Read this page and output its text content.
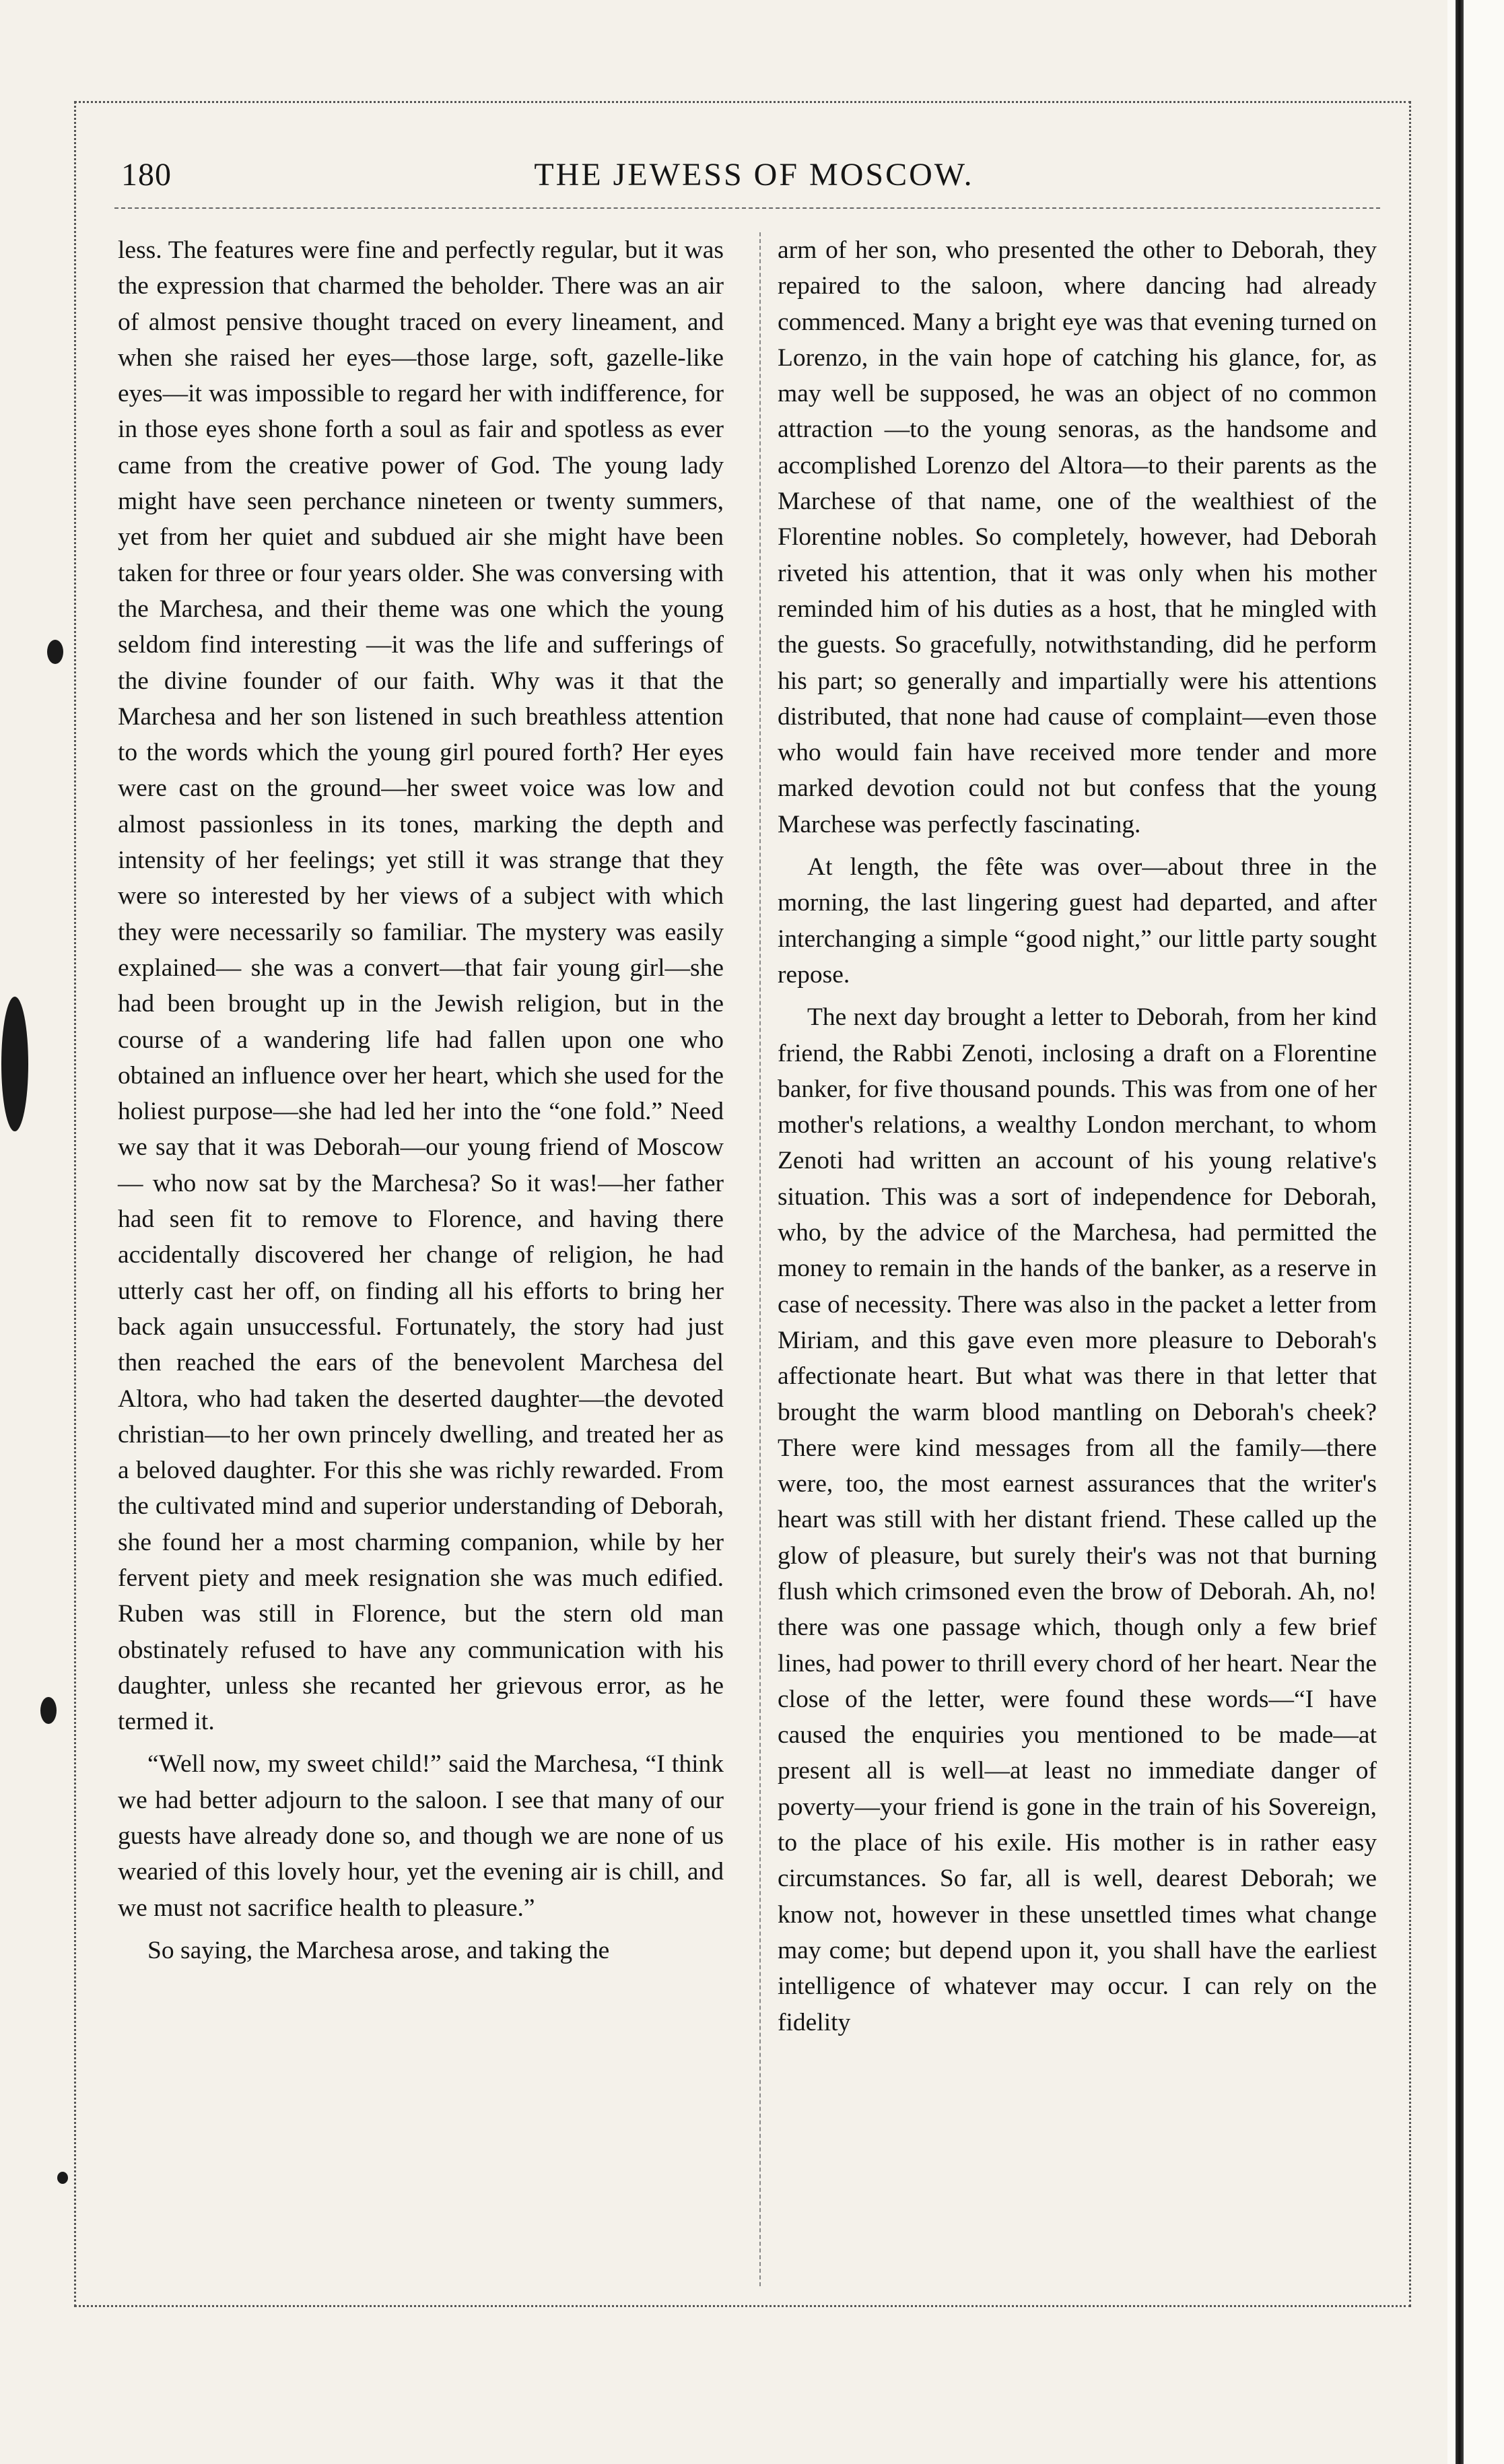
180	THE JEWESS OF MOSCOW.

less. The features were fine and perfectly regular, but it was the expression that charmed the beholder. There was an air of almost pensive thought traced on every lineament, and when she raised her eyes—those large, soft, gazelle-like eyes—it was impossible to regard her with indifference, for in those eyes shone forth a soul as fair and spotless as ever came from the creative power of God. The young lady might have seen perchance nineteen or twenty summers, yet from her quiet and subdued air she might have been taken for three or four years older. She was conversing with the Marchesa, and their theme was one which the young seldom find interesting —it was the life and sufferings of the divine founder of our faith. Why was it that the Marchesa and her son listened in such breathless attention to the words which the young girl poured forth? Her eyes were cast on the ground—her sweet voice was low and almost passionless in its tones, marking the depth and intensity of her feelings; yet still it was strange that they were so interested by her views of a subject with which they were necessarily so familiar. The mystery was easily explained— she was a convert—that fair young girl—she had been brought up in the Jewish religion, but in the course of a wandering life had fallen upon one who obtained an influence over her heart, which she used for the holiest purpose—she had led her into the “one fold.” Need we say that it was Deborah—our young friend of Moscow— who now sat by the Marchesa? So it was!—her father had seen fit to remove to Florence, and having there accidentally discovered her change of religion, he had utterly cast her off, on finding all his efforts to bring her back again unsuccessful. Fortunately, the story had just then reached the ears of the benevolent Marchesa del Altora, who had taken the deserted daughter—the devoted christian—to her own princely dwelling, and treated her as a beloved daughter. For this she was richly rewarded. From the cultivated mind and superior understanding of Deborah, she found her a most charming companion, while by her fervent piety and meek resignation she was much edified. Ruben was still in Florence, but the stern old man obstinately refused to have any communication with his daughter, unless she recanted her grievous error, as he termed it.

“Well now, my sweet child!” said the Marchesa, “I think we had better adjourn to the saloon. I see that many of our guests have already done so, and though we are none of us wearied of this lovely hour, yet the evening air is chill, and we must not sacrifice health to pleasure.”

So saying, the Marchesa arose, and taking the

arm of her son, who presented the other to Deborah, they repaired to the saloon, where dancing had already commenced. Many a bright eye was that evening turned on Lorenzo, in the vain hope of catching his glance, for, as may well be supposed, he was an object of no common attraction —to the young senoras, as the handsome and accomplished Lorenzo del Altora—to their parents as the Marchese of that name, one of the wealthiest of the Florentine nobles. So completely, however, had Deborah riveted his attention, that it was only when his mother reminded him of his duties as a host, that he mingled with the guests. So gracefully, notwithstanding, did he perform his part; so generally and impartially were his attentions distributed, that none had cause of complaint—even those who would fain have received more tender and more marked devotion could not but confess that the young Marchese was perfectly fascinating.

At length, the fête was over—about three in the morning, the last lingering guest had departed, and after interchanging a simple “good night,” our little party sought repose.

The next day brought a letter to Deborah, from her kind friend, the Rabbi Zenoti, inclosing a draft on a Florentine banker, for five thousand pounds. This was from one of her mother's relations, a wealthy London merchant, to whom Zenoti had written an account of his young relative's situation. This was a sort of independence for Deborah, who, by the advice of the Marchesa, had permitted the money to remain in the hands of the banker, as a reserve in case of necessity. There was also in the packet a letter from Miriam, and this gave even more pleasure to Deborah's affectionate heart. But what was there in that letter that brought the warm blood mantling on Deborah's cheek? There were kind messages from all the family—there were, too, the most earnest assurances that the writer's heart was still with her distant friend. These called up the glow of pleasure, but surely their's was not that burning flush which crimsoned even the brow of Deborah. Ah, no! there was one passage which, though only a few brief lines, had power to thrill every chord of her heart. Near the close of the letter, were found these words—“I have caused the enquiries you mentioned to be made—at present all is well—at least no immediate danger of poverty—your friend is gone in the train of his Sovereign, to the place of his exile. His mother is in rather easy circumstances. So far, all is well, dearest Deborah; we know not, however in these unsettled times what change may come; but depend upon it, you shall have the earliest intelligence of whatever may occur. I can rely on the fidelity
